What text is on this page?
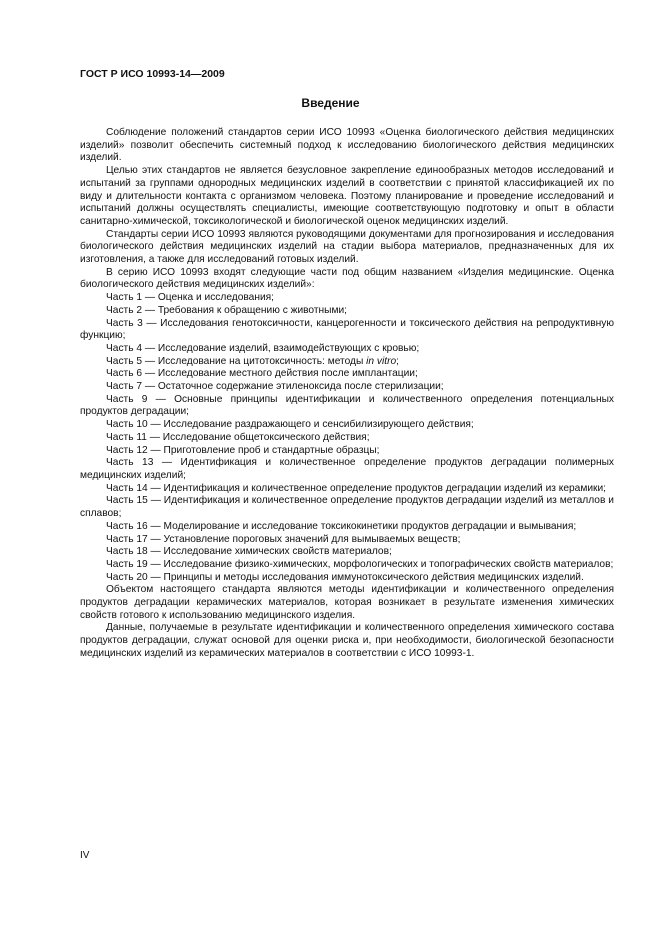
ГОСТ Р ИСО 10993-14—2009
Введение

Соблюдение положений стандартов серии ИСО 10993 «Оценка биологического действия медицинских изделий» позволит обеспечить системный подход к исследованию биологического действия медицинских изделий.

Целью этих стандартов не является безусловное закрепление единообразных методов исследований и испытаний за группами однородных медицинских изделий в соответствии с принятой классификацией их по виду и длительности контакта с организмом человека. Поэтому планирование и проведение исследований и испытаний должны осуществлять специалисты, имеющие соответствующую подготовку и опыт в области санитарно-химической, токсикологической и биологической оценок медицинских изделий.

Стандарты серии ИСО 10993 являются руководящими документами для прогнозирования и исследования биологического действия медицинских изделий на стадии выбора материалов, предназначенных для их изготовления, а также для исследований готовых изделий.

В серию ИСО 10993 входят следующие части под общим названием «Изделия медицинские. Оценка биологического действия медицинских изделий»:

Часть 1 — Оценка и исследования;
Часть 2 — Требования к обращению с животными;
Часть 3 — Исследования генотоксичности, канцерогенности и токсического действия на репродуктивную функцию;
Часть 4 — Исследование изделий, взаимодействующих с кровью;
Часть 5 — Исследование на цитотоксичность: методы in vitro;
Часть 6 — Исследование местного действия после имплантации;
Часть 7 — Остаточное содержание этиленоксида после стерилизации;
Часть 9 — Основные принципы идентификации и количественного определения потенциальных продуктов деградации;
Часть 10 — Исследование раздражающего и сенсибилизирующего действия;
Часть 11 — Исследование общетоксического действия;
Часть 12 — Приготовление проб и стандартные образцы;
Часть 13 — Идентификация и количественное определение продуктов деградации полимерных медицинских изделий;
Часть 14 — Идентификация и количественное определение продуктов деградации изделий из керамики;
Часть 15 — Идентификация и количественное определение продуктов деградации изделий из металлов и сплавов;
Часть 16 — Моделирование и исследование токсикокинетики продуктов деградации и вымывания;
Часть 17 — Установление пороговых значений для вымываемых веществ;
Часть 18 — Исследование химических свойств материалов;
Часть 19 — Исследование физико-химических, морфологических и топографических свойств материалов;
Часть 20 — Принципы и методы исследования иммунотоксического действия медицинских изделий.

Объектом настоящего стандарта являются методы идентификации и количественного определения продуктов деградации керамических материалов, которая возникает в результате изменения химических свойств готового к использованию медицинского изделия.

Данные, получаемые в результате идентификации и количественного определения химического состава продуктов деградации, служат основой для оценки риска и, при необходимости, биологической безопасности медицинских изделий из керамических материалов в соответствии с ИСО 10993-1.

IV
